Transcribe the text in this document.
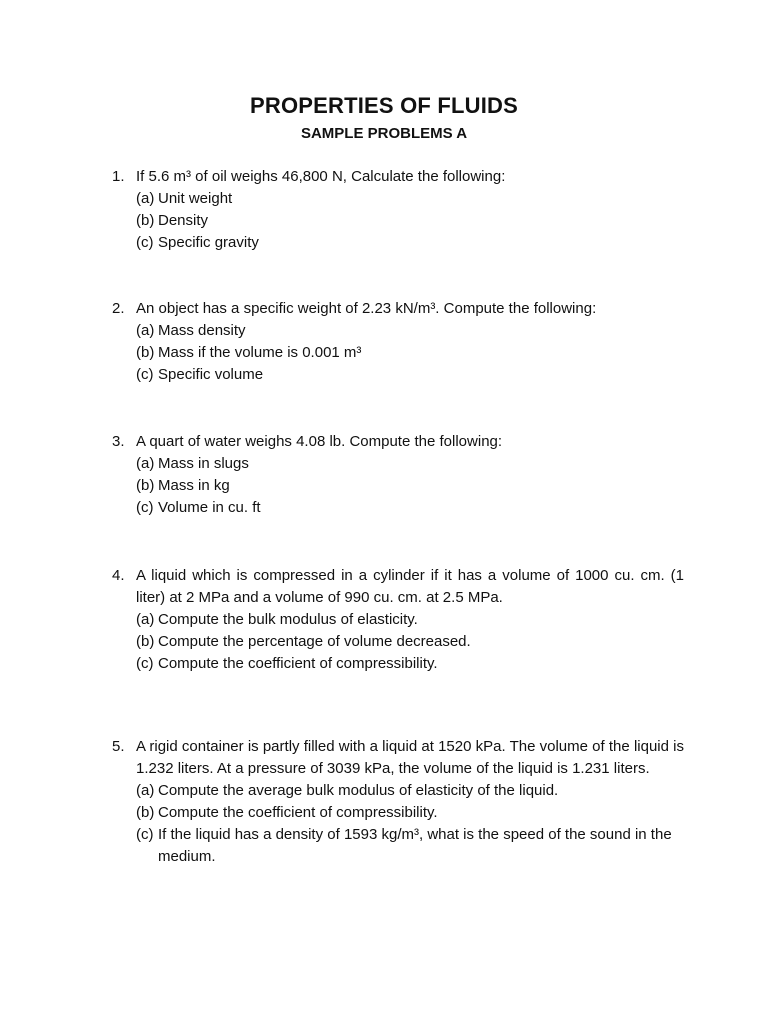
PROPERTIES OF FLUIDS
SAMPLE PROBLEMS A
1. If 5.6 m³ of oil weighs 46,800 N, Calculate the following:
(a) Unit weight
(b) Density
(c) Specific gravity
2. An object has a specific weight of 2.23 kN/m³. Compute the following:
(a) Mass density
(b) Mass if the volume is 0.001 m³
(c) Specific volume
3. A quart of water weighs 4.08 lb. Compute the following:
(a) Mass in slugs
(b) Mass in kg
(c) Volume in cu. ft
4. A liquid which is compressed in a cylinder if it has a volume of 1000 cu. cm. (1 liter) at 2 MPa and a volume of 990 cu. cm. at 2.5 MPa.
(a) Compute the bulk modulus of elasticity.
(b) Compute the percentage of volume decreased.
(c) Compute the coefficient of compressibility.
5. A rigid container is partly filled with a liquid at 1520 kPa. The volume of the liquid is 1.232 liters. At a pressure of 3039 kPa, the volume of the liquid is 1.231 liters.
(a) Compute the average bulk modulus of elasticity of the liquid.
(b) Compute the coefficient of compressibility.
(c) If the liquid has a density of 1593 kg/m³, what is the speed of the sound in the medium.
